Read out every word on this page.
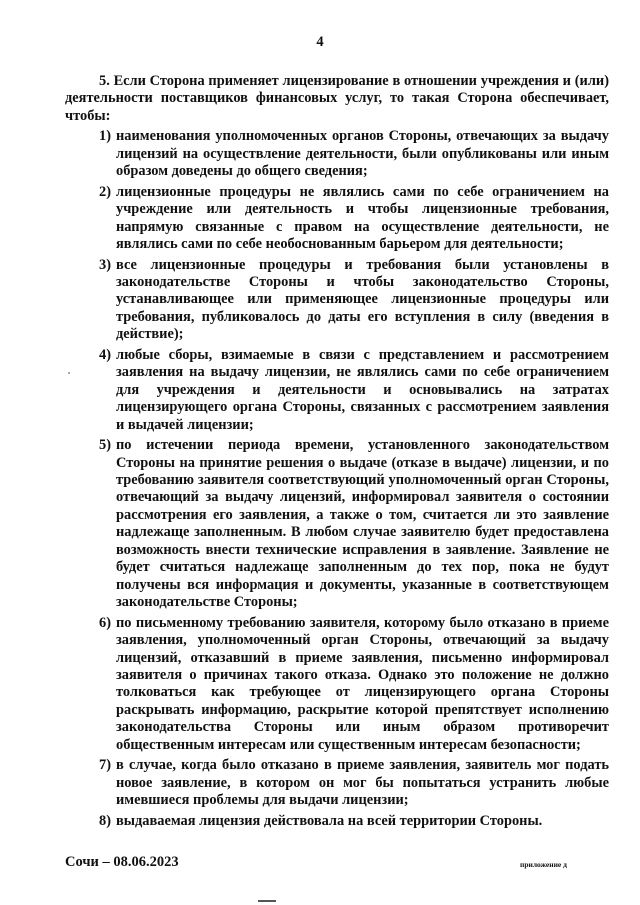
4

5. Если Сторона применяет лицензирование в отношении учреждения и (или) деятельности поставщиков финансовых услуг, то такая Сторона обеспечивает, чтобы:

1) наименования уполномоченных органов Стороны, отвечающих за выдачу лицензий на осуществление деятельности, были опубликованы или иным образом доведены до общего сведения;
2) лицензионные процедуры не являлись сами по себе ограничением на учреждение или деятельность и чтобы лицензионные требования, напрямую связанные с правом на осуществление деятельности, не являлись сами по себе необоснованным барьером для деятельности;
3) все лицензионные процедуры и требования были установлены в законодательстве Стороны и чтобы законодательство Стороны, устанавливающее или применяющее лицензионные процедуры или требования, публиковалось до даты его вступления в силу (введения в действие);
4) любые сборы, взимаемые в связи с представлением и рассмотрением заявления на выдачу лицензии, не являлись сами по себе ограничением для учреждения и деятельности и основывались на затратах лицензирующего органа Стороны, связанных с рассмотрением заявления и выдачей лицензии;
5) по истечении периода времени, установленного законодательством Стороны на принятие решения о выдаче (отказе в выдаче) лицензии, и по требованию заявителя соответствующий уполномоченный орган Стороны, отвечающий за выдачу лицензий, информировал заявителя о состоянии рассмотрения его заявления, а также о том, считается ли это заявление надлежаще заполненным. В любом случае заявителю будет предоставлена возможность внести технические исправления в заявление. Заявление не будет считаться надлежаще заполненным до тех пор, пока не будут получены вся информация и документы, указанные в соответствующем законодательстве Стороны;
6) по письменному требованию заявителя, которому было отказано в приеме заявления, уполномоченный орган Стороны, отвечающий за выдачу лицензий, отказавший в приеме заявления, письменно информировал заявителя о причинах такого отказа. Однако это положение не должно толковаться как требующее от лицензирующего органа Стороны раскрывать информацию, раскрытие которой препятствует исполнению законодательства Стороны или иным образом противоречит общественным интересам или существенным интересам безопасности;
7) в случае, когда было отказано в приеме заявления, заявитель мог подать новое заявление, в котором он мог бы попытаться устранить любые имевшиеся проблемы для выдачи лицензии;
8) выдаваемая лицензия действовала на всей территории Стороны.
Сочи – 08.06.2023	приложение д
